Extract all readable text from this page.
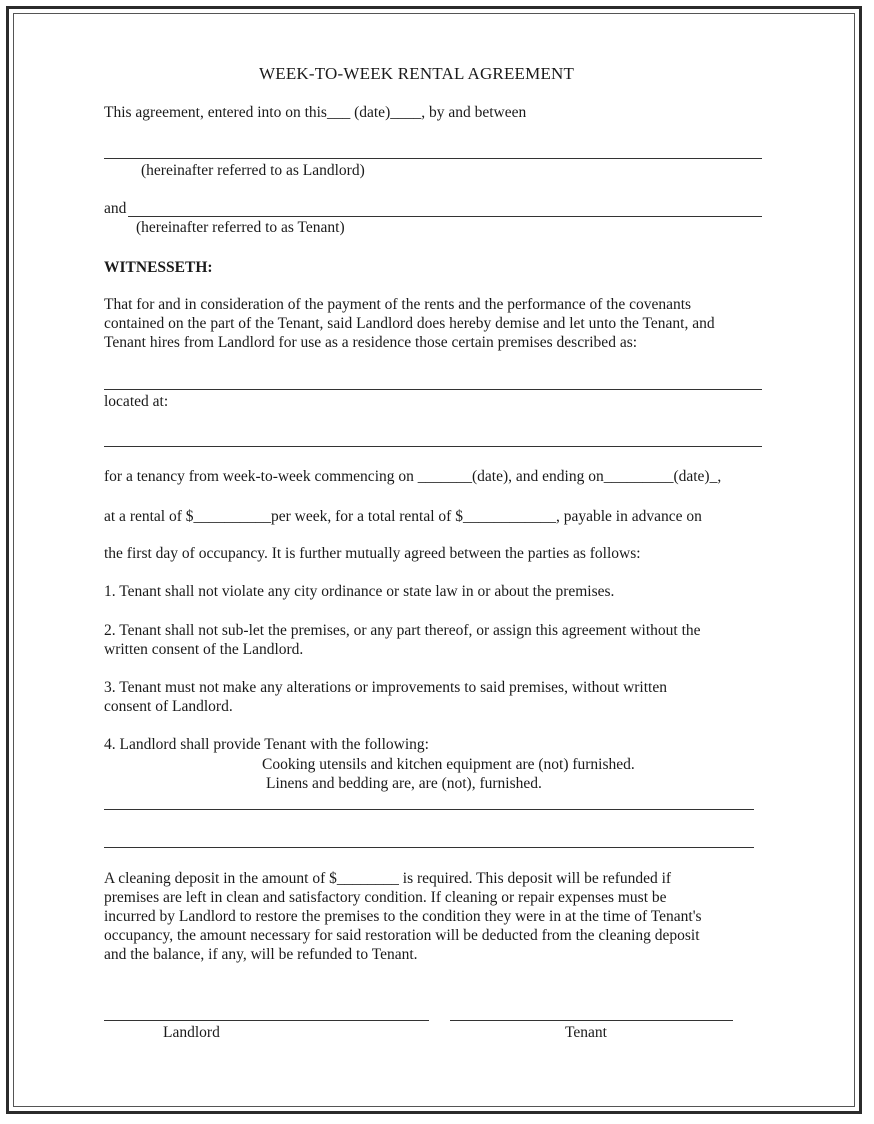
WEEK-TO-WEEK RENTAL AGREEMENT
This agreement, entered into on this___ (date)____, by and between
(hereinafter referred to as Landlord)
and
(hereinafter referred to as Tenant)
WITNESSETH:
That for and in consideration of the payment of the rents and the performance of the covenants
contained on the part of the Tenant, said Landlord does hereby demise and let unto the Tenant, and
Tenant hires from Landlord for use as a residence those certain premises described as:
located at:
for a tenancy from week-to-week commencing on _______(date), and ending on_________(date)_,
at a rental of $__________per week, for a total rental of $____________, payable in advance on
the first day of occupancy. It is further mutually agreed between the parties as follows:
1. Tenant shall not violate any city ordinance or state law in or about the premises.
2. Tenant shall not sub-let the premises, or any part thereof, or assign this agreement without the
written consent of the Landlord.
3. Tenant must not make any alterations or improvements to said premises, without written
consent of Landlord.
4. Landlord shall provide Tenant with the following:
Cooking utensils and kitchen equipment are (not) furnished.
Linens and bedding are, are (not), furnished.
A cleaning deposit in the amount of $________ is required. This deposit will be refunded if
premises are left in clean and satisfactory condition. If cleaning or repair expenses must be
incurred by Landlord to restore the premises to the condition they were in at the time of Tenant's
occupancy, the amount necessary for said restoration will be deducted from the cleaning deposit
and the balance, if any, will be refunded to Tenant.
Landlord	Tenant
